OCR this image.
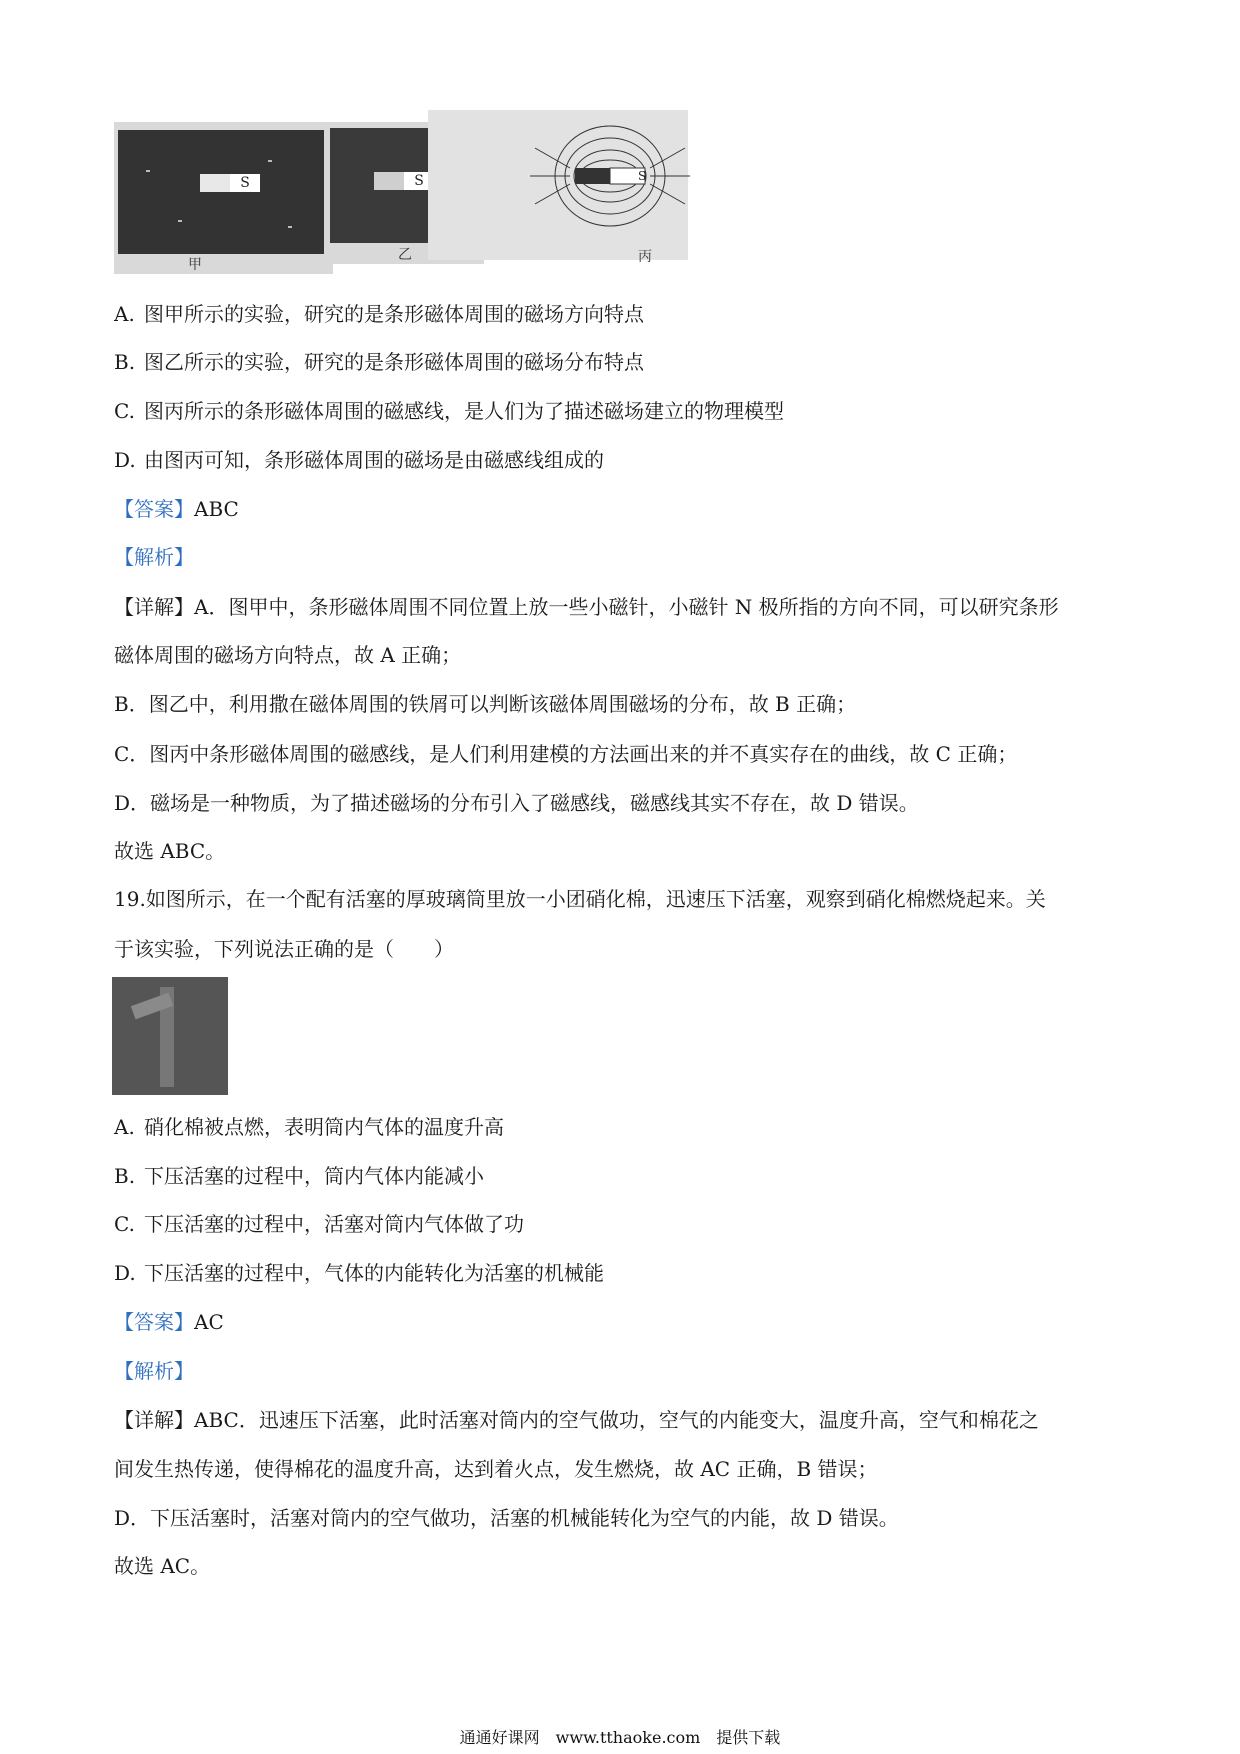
S
甲
S
乙
S
丙
A. 图甲所示的实验，研究的是条形磁体周围的磁场方向特点
B. 图乙所示的实验，研究的是条形磁体周围的磁场分布特点
C. 图丙所示的条形磁体周围的磁感线，是人们为了描述磁场建立的物理模型
D. 由图丙可知，条形磁体周围的磁场是由磁感线组成的
【答案】ABC
【解析】
【详解】A．图甲中，条形磁体周围不同位置上放一些小磁针，小磁针 N 极所指的方向不同，可以研究条形
磁体周围的磁场方向特点，故 A 正确；
B．图乙中，利用撒在磁体周围的铁屑可以判断该磁体周围磁场的分布，故 B 正确；
C．图丙中条形磁体周围的磁感线，是人们利用建模的方法画出来的并不真实存在的曲线，故 C 正确；
D．磁场是一种物质，为了描述磁场的分布引入了磁感线，磁感线其实不存在，故 D 错误。
故选 ABC。
19.如图所示，在一个配有活塞的厚玻璃筒里放一小团硝化棉，迅速压下活塞，观察到硝化棉燃烧起来。关
于该实验，下列说法正确的是（　　）
A. 硝化棉被点燃，表明筒内气体的温度升高
B. 下压活塞的过程中，筒内气体内能减小
C. 下压活塞的过程中，活塞对筒内气体做了功
D. 下压活塞的过程中，气体的内能转化为活塞的机械能
【答案】AC
【解析】
【详解】ABC．迅速压下活塞，此时活塞对筒内的空气做功，空气的内能变大，温度升高，空气和棉花之
间发生热传递，使得棉花的温度升高，达到着火点，发生燃烧，故 AC 正确，B 错误；
D．下压活塞时，活塞对筒内的空气做功，活塞的机械能转化为空气的内能，故 D 错误。
故选 AC。
通通好课网　www.tthaoke.com　提供下载
